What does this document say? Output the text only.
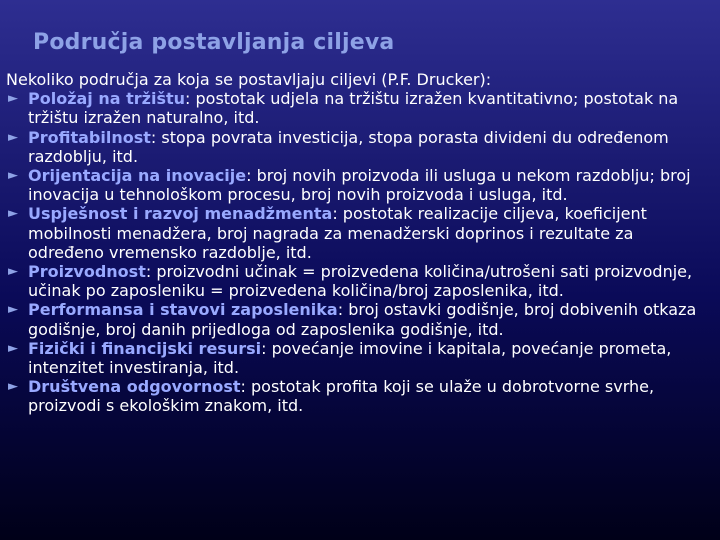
Područja postavljanja ciljeva
Nekoliko područja za koja se postavljaju ciljevi (P.F. Drucker):
► Položaj na tržištu: postotak udjela na tržištu izražen kvantitativno; postotak na tržištu izražen naturalno, itd.
► Profitabilnost: stopa povrata investicija, stopa porasta divideni du određenom razdoblju, itd.
► Orijentacija na inovacije: broj novih proizvoda ili usluga u nekom razdoblju; broj inovacija u tehnološkom procesu, broj novih proizvoda i usluga, itd.
► Uspješnost i razvoj menadžmenta: postotak realizacije ciljeva, koeficijent mobilnosti menadžera, broj nagrada za menadžerski doprinos i rezultate za određeno vremensko razdoblje, itd.
► Proizvodnost: proizvodni učinak = proizvedena količina/utrošeni sati proizvodnje, učinak po zaposleniku = proizvedena količina/broj zaposlenika, itd.
► Performansa i stavovi zaposlenika: broj ostavki godišnje, broj dobivenih otkaza godišnje, broj danih prijedloga od zaposlenika godišnje, itd.
► Fizički i financijski resursi: povećanje imovine i kapitala, povećanje prometa, intenzitet investiranja, itd.
► Društvena odgovornost: postotak profita koji se ulaže u dobrotvorne svrhe, proizvodi s ekološkim znakom, itd.
